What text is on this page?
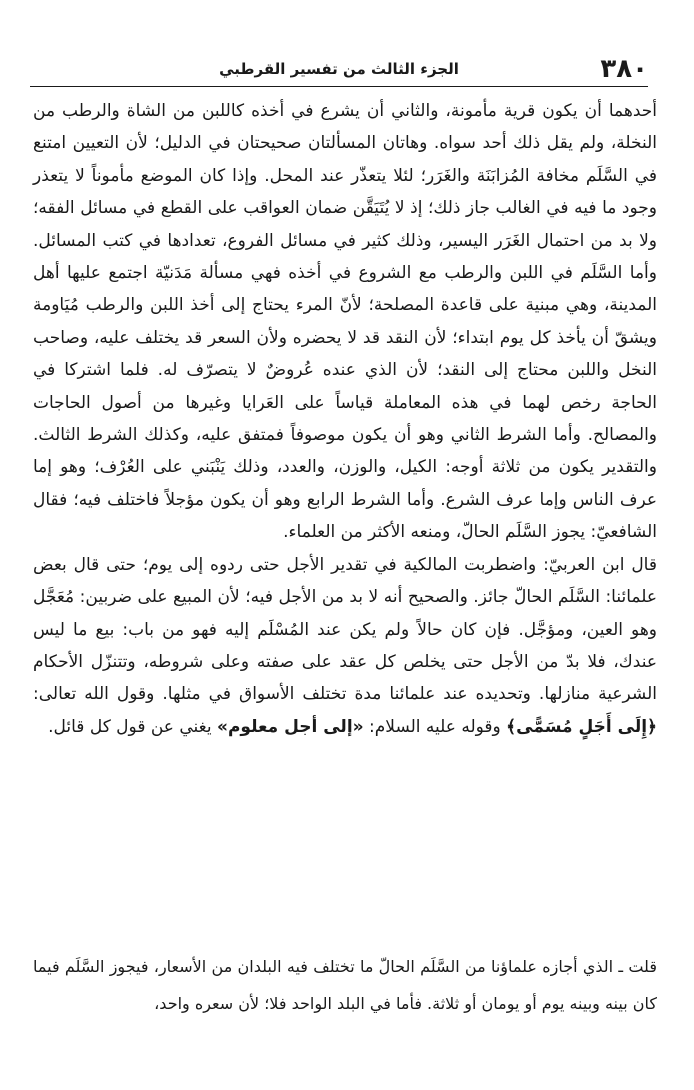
٣٨٠
الجزء الثالث من تفسير القرطبي

أحدهما أن يكون قرية مأمونة، والثاني أن يشرع في أخذه كاللبن من الشاة والرطب من النخلة، ولم يقل ذلك أحد سواه. وهاتان المسألتان صحيحتان في الدليل؛ لأن التعيين امتنع في السَّلَم مخافة المُزابَنَة والغَرَر؛ لئلا يتعذّر عند المحل. وإذا كان الموضع مأموناً لا يتعذر وجود ما فيه في الغالب جاز ذلك؛ إذ لا يُتَيَقَّن ضمان العواقب على القطع في مسائل الفقه؛ ولا بد من احتمال الغَرَر اليسير، وذلك كثير في مسائل الفروع، تعدادها في كتب المسائل. وأما السَّلَم في اللبن والرطب مع الشروع في أخذه فهي مسألة مَدَنيّة اجتمع عليها أهل المدينة، وهي مبنية على قاعدة المصلحة؛ لأنّ المرء يحتاج إلى أخذ اللبن والرطب مُيَاومة ويشقّ أن يأخذ كل يوم ابتداء؛ لأن النقد قد لا يحضره ولأن السعر قد يختلف عليه، وصاحب النخل واللبن محتاج إلى النقد؛ لأن الذي عنده عُروضٌ لا يتصرّف له. فلما اشتركا في الحاجة رخص لهما في هذه المعاملة قياساً على العَرايا وغيرها من أصول الحاجات والمصالح. وأما الشرط الثاني وهو أن يكون موصوفاً فمتفق عليه، وكذلك الشرط الثالث. والتقدير يكون من ثلاثة أوجه: الكيل، والوزن، والعدد، وذلك يَنْبَني على العُرْف؛ وهو إما عرف الناس وإما عرف الشرع. وأما الشرط الرابع وهو أن يكون مؤجلاً فاختلف فيه؛ فقال الشافعيّ: يجوز السَّلَم الحالّ، ومنعه الأكثر من العلماء.

قال ابن العربيّ: واضطربت المالكية في تقدير الأجل حتى ردوه إلى يوم؛ حتى قال بعض علمائنا: السَّلَم الحالّ جائز. والصحيح أنه لا بد من الأجل فيه؛ لأن المبيع على ضربين: مُعَجَّل وهو العين، ومؤجَّل. فإن كان حالاً ولم يكن عند المُسْلَم إليه فهو من باب: بيع ما ليس عندك، فلا بدّ من الأجل حتى يخلص كل عقد على صفته وعلى شروطه، وتتنزّل الأحكام الشرعية منازلها. وتحديده عند علمائنا مدة تختلف الأسواق في مثلها. وقول الله تعالى: ﴿إِلَى أَجَلٍ مُسَمًّى﴾ وقوله عليه السلام: «إلى أجل معلوم» يغني عن قول كل قائل.

قلت ـ الذي أجازه علماؤنا من السَّلَم الحالّ ما تختلف فيه البلدان من الأسعار، فيجوز السَّلَم فيما كان بينه وبينه يوم أو يومان أو ثلاثة. فأما في البلد الواحد فلا؛ لأن سعره واحد،
